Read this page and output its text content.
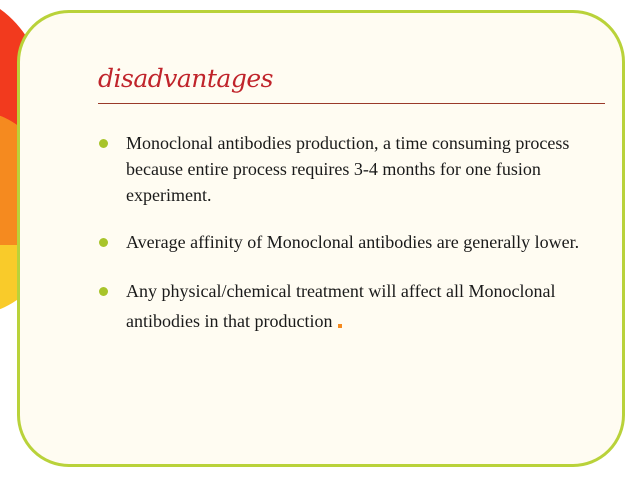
disadvantages
Monoclonal antibodies production, a time consuming process because entire process requires 3-4 months for one fusion experiment.
Average affinity of Monoclonal antibodies are generally lower.
Any physical/chemical treatment will affect all Monoclonal antibodies in that production
